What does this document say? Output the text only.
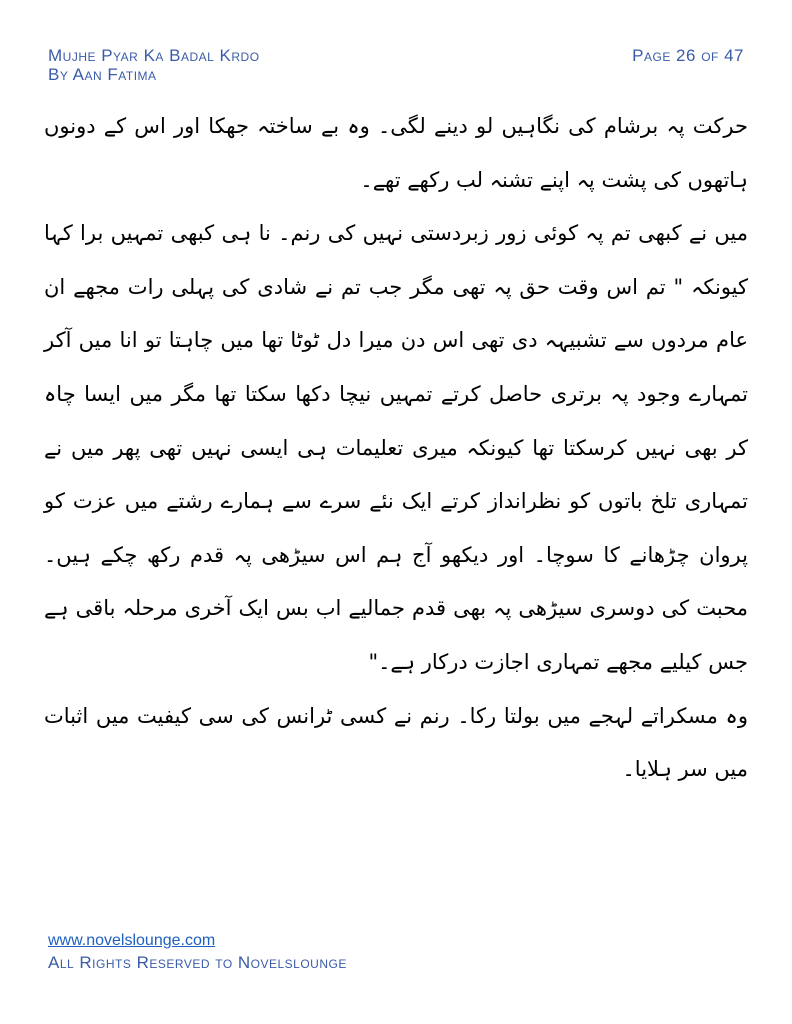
Mujhe Pyar Ka Badal Krdo
By Aan Fatima
Page 26 of 47

حرکت پہ برشام کی نگاہیں لو دینے لگی۔ وہ بے ساختہ جھکا اور اس کے دونوں ہاتھوں کی پشت پہ اپنے تشنہ لب رکھے تھے۔

میں نے کبھی تم پہ کوئی زور زبردستی نہیں کی رنم۔ نا ہی کبھی تمہیں برا کہا کیونکہ " تم اس وقت حق پہ تھی مگر جب تم نے شادی کی پہلی رات مجھے ان عام مردوں سے تشبیہہ دی تھی اس دن میرا دل ٹوٹا تھا میں چاہتا تو انا میں آکر تمہارے وجود پہ برتری حاصل کرتے تمہیں نیچا دکھا سکتا تھا مگر میں ایسا چاہ کر بھی نہیں کرسکتا تھا کیونکہ میری تعلیمات ہی ایسی نہیں تھی پھر میں نے تمہاری تلخ باتوں کو نظرانداز کرتے ایک نئے سرے سے ہمارے رشتے میں عزت کو پروان چڑھانے کا سوچا۔ اور دیکھو آج ہم اس سیڑھی پہ قدم رکھ چکے ہیں۔ محبت کی دوسری سیڑھی پہ بھی قدم جمالیے اب بس ایک آخری مرحلہ باقی ہے جس کیلیے مجھے تمہاری اجازت درکار ہے۔"

وہ مسکراتے لہجے میں بولتا رکا۔ رنم نے کسی ٹرانس کی سی کیفیت میں اثبات میں سر ہلایا۔

www.novelslounge.com
All Rights Reserved to Novelslounge
